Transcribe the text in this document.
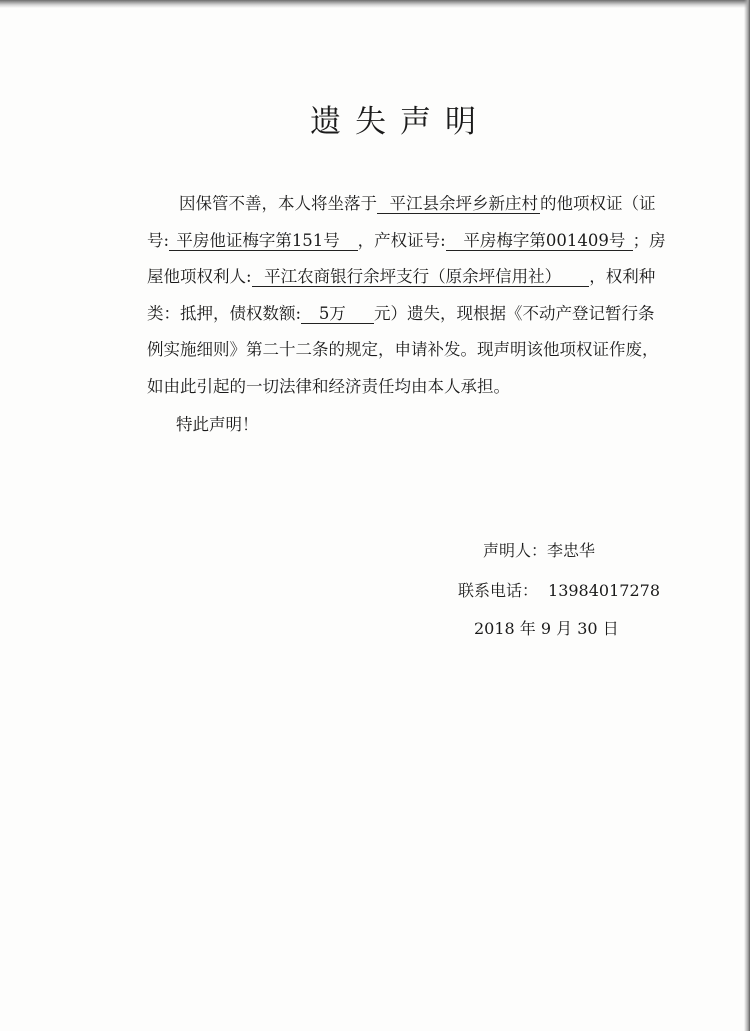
遗失声明
因保管不善，本人将坐落于 平江县余坪乡新庄村 的他项权证（证号: 平房他证梅字第151号 ，产权证号: 平房梅字第001409号 ；房屋他项权利人: 平江农商银行余坪支行（原余坪信用社） ，权利种类：抵押，债权数额: 5万 元）遗失，现根据《不动产登记暂行条例实施细则》第二十二条的规定，申请补发。现声明该他项权证作废，如由此引起的一切法律和经济责任均由本人承担。
特此声明！
声明人：李忠华
联系电话： 13984017278
2018 年 9 月 30 日
